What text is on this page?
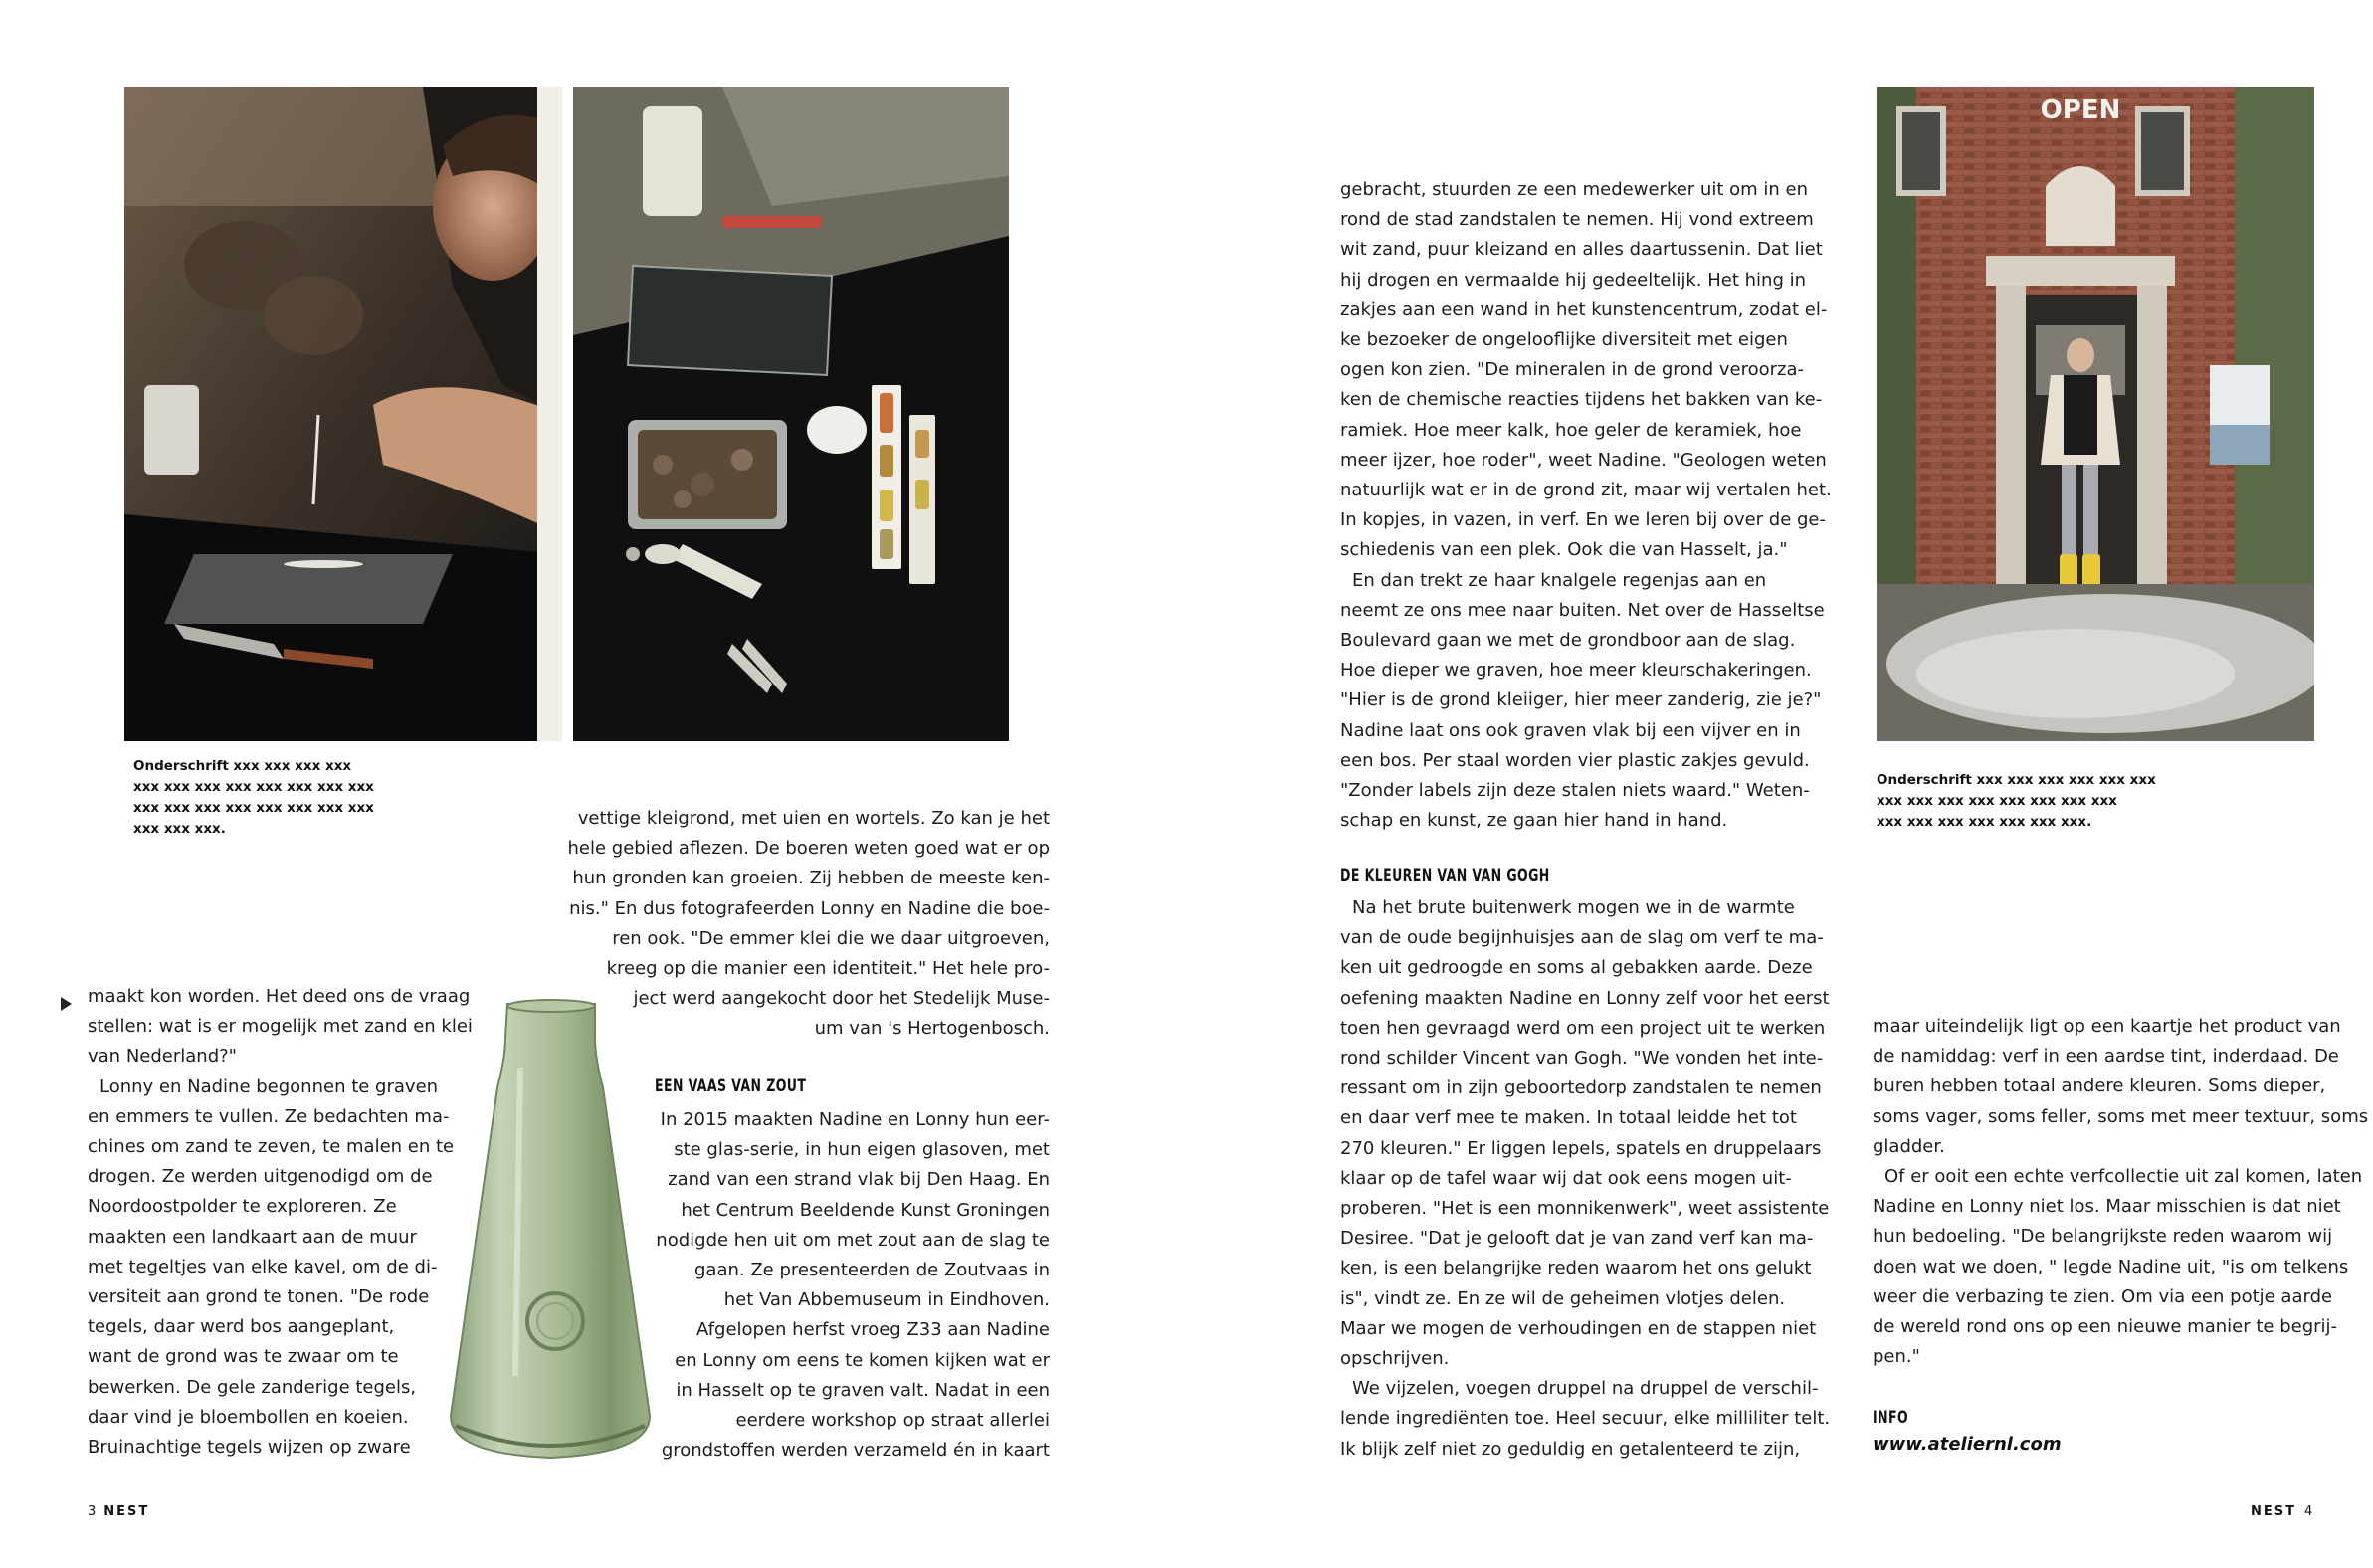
Onderschrift xxx xxx xxx xxx
xxx xxx xxx xxx xxx xxx xxx xxx
xxx xxx xxx xxx xxx xxx xxx xxx
xxx xxx xxx.

maakt kon worden. Het deed ons de vraag

stellen: wat is er mogelijk met zand en klei

van Nederland?"

Lonny en Nadine begonnen te graven

en emmers te vullen. Ze bedachten ma-

chines om zand te zeven, te malen en te

drogen. Ze werden uitgenodigd om de

Noordoostpolder te exploreren. Ze

maakten een landkaart aan de muur

met tegeltjes van elke kavel, om de di-

versiteit aan grond te tonen. "De rode

tegels, daar werd bos aangeplant,

want de grond was te zwaar om te

bewerken. De gele zanderige tegels,

daar vind je bloembollen en koeien.

Bruinachtige tegels wijzen op zware

vettige kleigrond, met uien en wortels. Zo kan je het

hele gebied aflezen. De boeren weten goed wat er op

hun gronden kan groeien. Zij hebben de meeste ken-

nis." En dus fotografeerden Lonny en Nadine die boe-

ren ook. "De emmer klei die we daar uitgroeven,

kreeg op die manier een identiteit." Het hele pro-

ject werd aangekocht door het Stedelijk Muse-

um van 's Hertogenbosch.

EEN VAAS VAN ZOUT

In 2015 maakten Nadine en Lonny hun eer-

ste glas-serie, in hun eigen glasoven, met

zand van een strand vlak bij Den Haag. En

het Centrum Beeldende Kunst Groningen

nodigde hen uit om met zout aan de slag te

gaan. Ze presenteerden de Zoutvaas in

het Van Abbemuseum in Eindhoven.

Afgelopen herfst vroeg Z33 aan Nadine

en Lonny om eens te komen kijken wat er

in Hasselt op te graven valt. Nadat in een

eerdere workshop op straat allerlei

grondstoffen werden verzameld én in kaart

3 NEST

gebracht, stuurden ze een medewerker uit om in en

rond de stad zandstalen te nemen. Hij vond extreem

wit zand, puur kleizand en alles daartussenin. Dat liet

hij drogen en vermaalde hij gedeeltelijk. Het hing in

zakjes aan een wand in het kunstencentrum, zodat el-

ke bezoeker de ongelooflijke diversiteit met eigen

ogen kon zien. "De mineralen in de grond veroorza-

ken de chemische reacties tijdens het bakken van ke-

ramiek. Hoe meer kalk, hoe geler de keramiek, hoe

meer ijzer, hoe roder", weet Nadine. "Geologen weten

natuurlijk wat er in de grond zit, maar wij vertalen het.

In kopjes, in vazen, in verf. En we leren bij over de ge-

schiedenis van een plek. Ook die van Hasselt, ja."

En dan trekt ze haar knalgele regenjas aan en

neemt ze ons mee naar buiten. Net over de Hasseltse

Boulevard gaan we met de grondboor aan de slag.

Hoe dieper we graven, hoe meer kleurschakeringen.

"Hier is de grond kleiiger, hier meer zanderig, zie je?"

Nadine laat ons ook graven vlak bij een vijver en in

een bos. Per staal worden vier plastic zakjes gevuld.

"Zonder labels zijn deze stalen niets waard." Weten-

schap en kunst, ze gaan hier hand in hand.

DE KLEUREN VAN VAN GOGH

Na het brute buitenwerk mogen we in de warmte

van de oude begijnhuisjes aan de slag om verf te ma-

ken uit gedroogde en soms al gebakken aarde. Deze

oefening maakten Nadine en Lonny zelf voor het eerst

toen hen gevraagd werd om een project uit te werken

rond schilder Vincent van Gogh. "We vonden het inte-

ressant om in zijn geboortedorp zandstalen te nemen

en daar verf mee te maken. In totaal leidde het tot

270 kleuren." Er liggen lepels, spatels en druppelaars

klaar op de tafel waar wij dat ook eens mogen uit-

proberen. "Het is een monnikenwerk", weet assistente

Desiree. "Dat je gelooft dat je van zand verf kan ma-

ken, is een belangrijke reden waarom het ons gelukt

is", vindt ze. En ze wil de geheimen vlotjes delen.

Maar we mogen de verhoudingen en de stappen niet

opschrijven.

We vijzelen, voegen druppel na druppel de verschil-

lende ingrediënten toe. Heel secuur, elke milliliter telt.

Ik blijk zelf niet zo geduldig en getalenteerd te zijn,

OPEN
Onderschrift xxx xxx xxx xxx xxx xxx
xxx xxx xxx xxx xxx xxx xxx xxx
xxx xxx xxx xxx xxx xxx xxx.

maar uiteindelijk ligt op een kaartje het product van

de namiddag: verf in een aardse tint, inderdaad. De

buren hebben totaal andere kleuren. Soms dieper,

soms vager, soms feller, soms met meer textuur, soms

gladder.

Of er ooit een echte verfcollectie uit zal komen, laten

Nadine en Lonny niet los. Maar misschien is dat niet

hun bedoeling. "De belangrijkste reden waarom wij

doen wat we doen, " legde Nadine uit, "is om telkens

weer die verbazing te zien. Om via een potje aarde

de wereld rond ons op een nieuwe manier te begrij-

pen."

INFO
www.ateliernl.com
NEST 4
